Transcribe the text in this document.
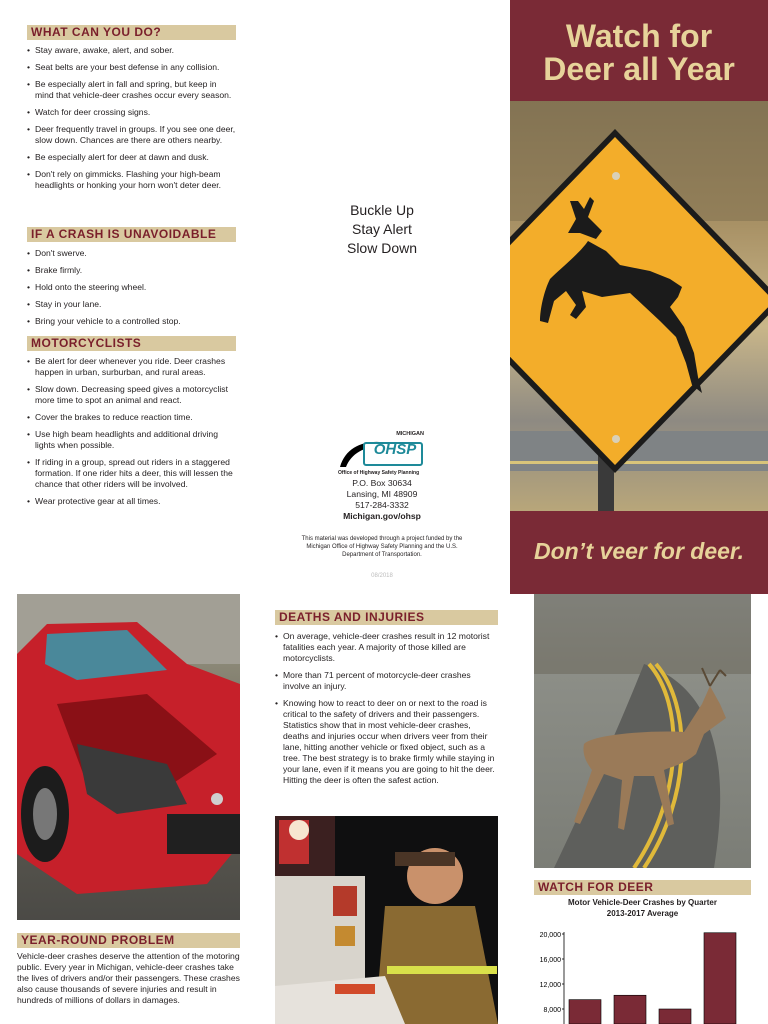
WHAT CAN YOU DO?
• Stay aware, awake, alert, and sober.
• Seat belts are your best defense in any collision.
• Be especially alert in fall and spring, but keep in mind that vehicle-deer crashes occur every season.
• Watch for deer crossing signs.
• Deer frequently travel in groups. If you see one deer, slow down. Chances are there are others nearby.
• Be especially alert for deer at dawn and dusk.
• Don't rely on gimmicks. Flashing your high-beam headlights or honking your horn won't deter deer.
IF A CRASH IS UNAVOIDABLE
• Don't swerve.
• Brake firmly.
• Hold onto the steering wheel.
• Stay in your lane.
• Bring your vehicle to a controlled stop.
MOTORCYCLISTS
• Be alert for deer whenever you ride. Deer crashes happen in urban, surburban, and rural areas.
• Slow down. Decreasing speed gives a motorcyclist more time to spot an animal and react.
• Cover the brakes to reduce reaction time.
• Use high beam headlights and additional driving lights when possible.
• If riding in a group, spread out riders in a staggered formation. If one rider hits a deer, this will lessen the chance that other riders will be involved.
• Wear protective gear at all times.
Buckle Up
Stay Alert
Slow Down
MICHIGAN
OHSP
Office of Highway Safety Planning
P.O. Box 30634
Lansing, MI 48909
517-284-3332
Michigan.gov/ohsp
This material was developed through a project funded by the Michigan Office of Highway Safety Planning and the U.S. Department of Transportation.
08/2018
Watch for
Deer all Year
Don’t veer for deer.
YEAR-ROUND PROBLEM
Vehicle-deer crashes deserve the attention of the motoring public. Every year in Michigan, vehicle-deer crashes take the lives of drivers and/or their passengers. These crashes also cause thousands of severe injuries and result in hundreds of millions of dollars in damages.
DEATHS AND INJURIES
• On average, vehicle-deer crashes result in 12 motorist fatalities each year. A majority of those killed are motorcyclists.
• More than 71 percent of motorcycle-deer crashes involve an injury.
• Knowing how to react to deer on or next to the road is critical to the safety of drivers and their passengers. Statistics show that in most vehicle-deer crashes, deaths and injuries occur when drivers veer from their lane, hitting another vehicle or fixed object, such as a tree. The best strategy is to brake firmly while staying in your lane, even if it means you are going to hit the deer. Hitting the deer is often the safest action.
WATCH FOR DEER
Motor Vehicle-Deer Crashes by Quarter
2013-2017 Average
20,000
16,000
12,000
8,000
